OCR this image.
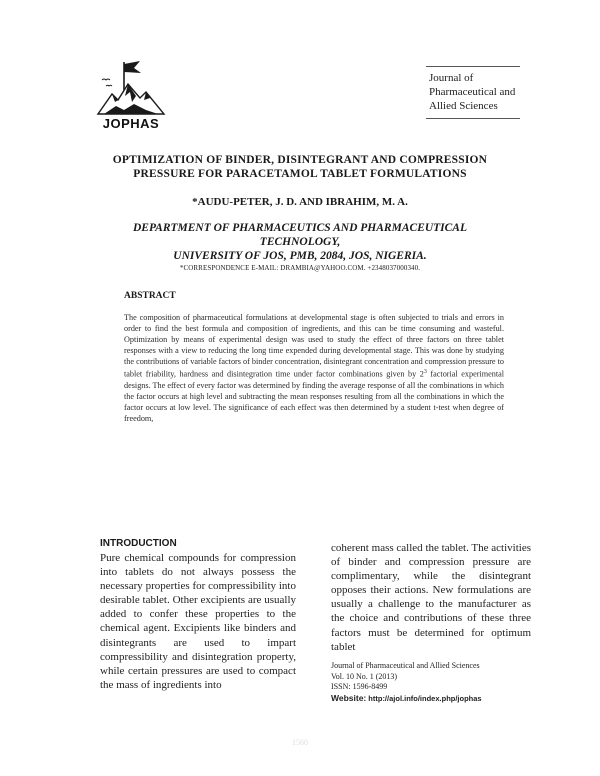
JOPHAS
Journal of
Pharmaceutical and
Allied Sciences
OPTIMIZATION OF BINDER, DISINTEGRANT AND COMPRESSION
PRESSURE FOR PARACETAMOL TABLET FORMULATIONS
*AUDU-PETER, J. D. AND IBRAHIM, M. A.
DEPARTMENT OF PHARMACEUTICS AND PHARMACEUTICAL
TECHNOLOGY,
UNIVERSITY OF JOS, PMB, 2084, JOS, NIGERIA.
*CORRESPONDENCE E-MAIL: DRAMBIA@YAHOO.COM. +2348037000340.
ABSTRACT
The composition of pharmaceutical formulations at developmental stage is often subjected to trials and errors in order to find the best formula and composition of ingredients, and this can be time consuming and wasteful. Optimization by means of experimental design was used to study the effect of three factors on three tablet responses with a view to reducing the long time expended during developmental stage. This was done by studying the contributions of variable factors of binder concentration, disintegrant concentration and compression pressure to tablet friability, hardness and disintegration time under factor combinations given by $2^3$ factorial experimental designs. The effect of every factor was determined by finding the average response of all the combinations in which the factor occurs at high level and subtracting the mean responses resulting from all the combinations in which the factor occurs at low level. The significance of each effect was then determined by a student t-test when degree of freedom,
INTRODUCTION
Pure chemical compounds for compression into tablets do not always possess the necessary properties for compressibility into desirable tablet. Other excipients are usually added to confer these properties to the chemical agent. Excipients like binders and disintegrants are used to impart compressibility and disintegration property, while certain pressures are used to compact the mass of ingredients into
coherent mass called the tablet. The activities of binder and compression pressure are complimentary, while the disintegrant opposes their actions. New formulations are usually a challenge to the manufacturer as the choice and contributions of these three factors must be determined for optimum tablet
Journal of Pharmaceutical and Allied Sciences
Vol. 10 No. 1 (2013)
ISSN: 1596-8499
Website: http://ajol.info/index.php/jophas
1560
